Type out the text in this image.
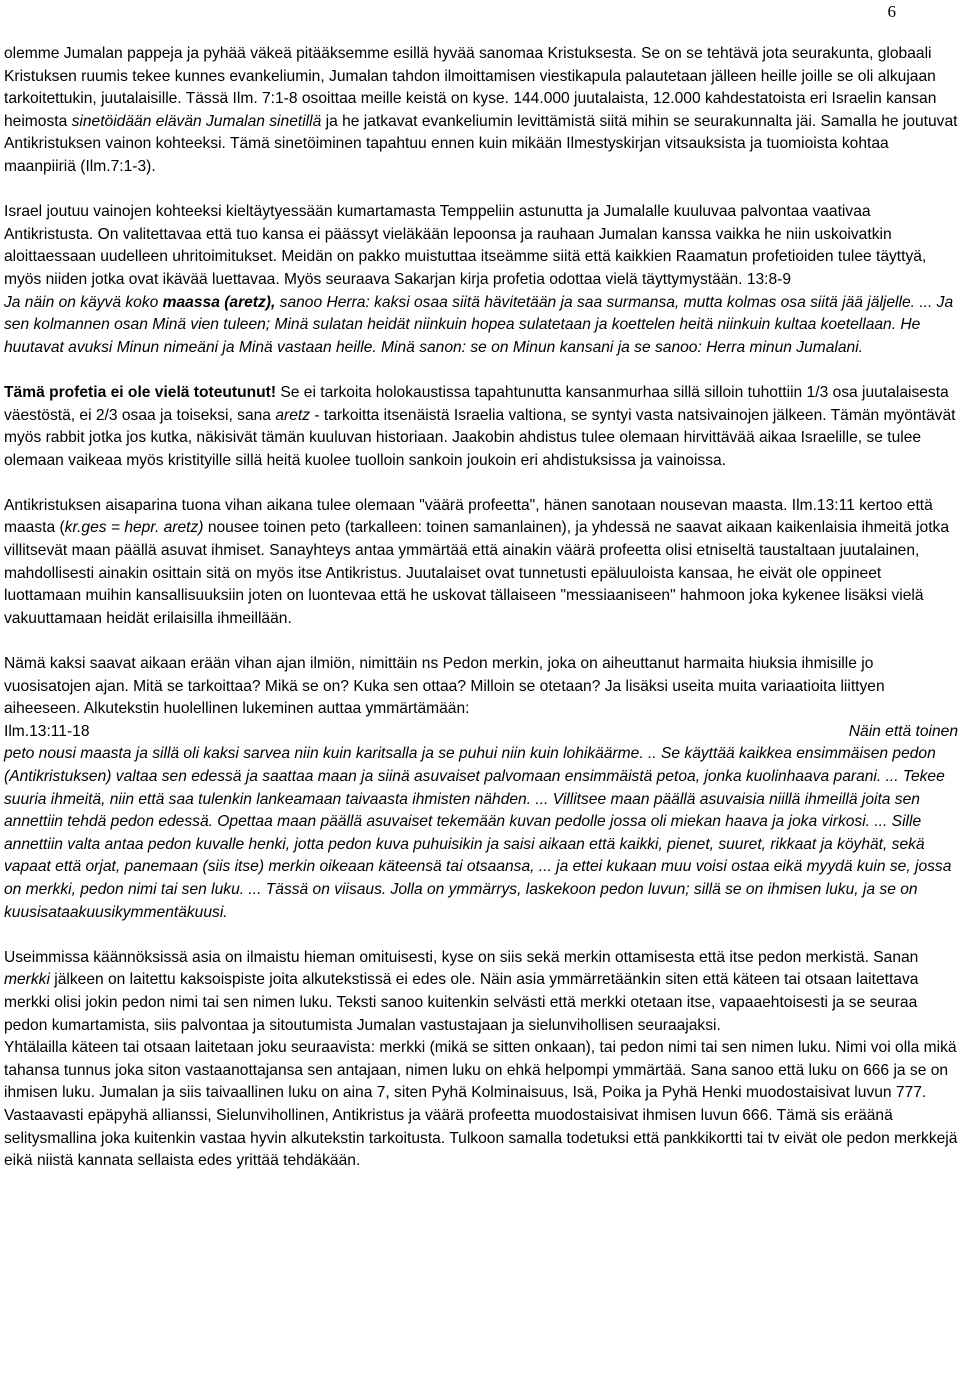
6

olemme Jumalan pappeja ja pyhää väkeä pitääksemme esillä hyvää sanomaa Kristuksesta. Se on se tehtävä jota seurakunta, globaali Kristuksen ruumis tekee kunnes evankeliumin, Jumalan tahdon ilmoittamisen viestikapula palautetaan jälleen heille joille se oli alkujaan tarkoitettukin, juutalaisille. Tässä Ilm. 7:1-8 osoittaa meille keistä on kyse. 144.000 juutalaista, 12.000 kahdestatoista eri Israelin kansan heimosta sinetöidään elävän Jumalan sinetillä ja he jatkavat evankeliumin levittämistä siitä mihin se seurakunnalta jäi. Samalla he joutuvat Antikristuksen vainon kohteeksi. Tämä sinetöiminen tapahtuu ennen kuin mikään Ilmestyskirjan vitsauksista ja tuomioista kohtaa maanpiiriä (Ilm.7:1-3).

Israel joutuu vainojen kohteeksi kieltäytyessään kumartamasta Temppeliin astunutta ja Jumalalle kuuluvaa palvontaa vaativaa Antikristusta. On valitettavaa että tuo kansa ei päässyt vieläkään lepoonsa ja rauhaan Jumalan kanssa vaikka he niin uskoivatkin aloittaessaan uudelleen uhritoimitukset. Meidän on pakko muistuttaa itseämme siitä että kaikkien Raamatun profetioiden tulee täyttyä, myös niiden jotka ovat ikävää luettavaa. Myös seuraava Sakarjan kirja profetia odottaa vielä täyttymystään. 13:8-9
Ja näin on käyvä koko maassa (aretz), sanoo Herra: kaksi osaa siitä hävitetään ja saa surmansa, mutta kolmas osa siitä jää jäljelle. ... Ja sen kolmannen osan Minä vien tuleen; Minä sulatan heidät niinkuin hopea sulatetaan ja koettelen heitä niinkuin kultaa koetellaan. He huutavat avuksi Minun nimeäni ja Minä vastaan heille. Minä sanon: se on Minun kansani ja se sanoo: Herra minun Jumalani.

Tämä profetia ei ole vielä toteutunut! Se ei tarkoita holokaustissa tapahtunutta kansanmurhaa sillä silloin tuhottiin 1/3 osa juutalaisesta väestöstä, ei 2/3 osaa ja toiseksi, sana aretz - tarkoitta itsenäistä Israelia valtiona, se syntyi vasta natsivainojen jälkeen. Tämän myöntävät myös rabbit jotka jos kutka, näkisivät tämän kuuluvan historiaan. Jaakobin ahdistus tulee olemaan hirvittävää aikaa Israelille, se tulee olemaan vaikeaa myös kristityille sillä heitä kuolee tuolloin sankoin joukoin eri ahdistuksissa ja vainoissa.

Antikristuksen aisaparina tuona vihan aikana tulee olemaan "väärä profeetta", hänen sanotaan nousevan maasta. Ilm.13:11 kertoo että maasta (kr.ges = hepr. aretz) nousee toinen peto (tarkalleen: toinen samanlainen), ja yhdessä ne saavat aikaan kaikenlaisia ihmeitä jotka villitsevät maan päällä asuvat ihmiset. Sanayhteys antaa ymmärtää että ainakin väärä profeetta olisi etniseltä taustaltaan juutalainen, mahdollisesti ainakin osittain sitä on myös itse Antikristus. Juutalaiset ovat tunnetusti epäluuloista kansaa, he eivät ole oppineet luottamaan muihin kansallisuuksiin joten on luontevaa että he uskovat tällaiseen "messiaaniseen" hahmoon joka kykenee lisäksi vielä vakuuttamaan heidät erilaisilla ihmeillään.

Nämä kaksi saavat aikaan erään vihan ajan ilmiön, nimittäin ns Pedon merkin, joka on aiheuttanut harmaita hiuksia ihmisille jo vuosisatojen ajan. Mitä se tarkoittaa? Mikä se on? Kuka sen ottaa? Milloin se otetaan? Ja lisäksi useita muita variaatioita liittyen aiheeseen. Alkutekstin huolellinen lukeminen auttaa ymmärtämään:
Ilm.13:11-18	Näin että toinen
peto nousi maasta ja sillä oli kaksi sarvea niin kuin karitsalla ja se puhui niin kuin lohikäärme. .. Se käyttää kaikkea ensimmäisen pedon (Antikristuksen) valtaa sen edessä ja saattaa maan ja siinä asuvaiset palvomaan ensimmäistä petoa, jonka kuolinhaava parani. ... Tekee suuria ihmeitä, niin että saa tulenkin lankeamaan taivaasta ihmisten nähden. ... Villitsee maan päällä asuvaisia niillä ihmeillä joita sen annettiin tehdä pedon edessä. Opettaa maan päällä asuvaiset tekemään kuvan pedolle jossa oli miekan haava ja joka virkosi. ... Sille annettiin valta antaa pedon kuvalle henki, jotta pedon kuva puhuisikin ja saisi aikaan että kaikki, pienet, suuret, rikkaat ja köyhät, sekä vapaat että orjat, panemaan (siis itse) merkin oikeaan käteensä tai otsaansa, ... ja ettei kukaan muu voisi ostaa eikä myydä kuin se, jossa on merkki, pedon nimi tai sen luku. ... Tässä on viisaus. Jolla on ymmärrys, laskekoon pedon luvun; sillä se on ihmisen luku, ja se on kuusisataakuusikymmentäkuusi.

Useimmissa käännöksissä asia on ilmaistu hieman omituisesti, kyse on siis sekä merkin ottamisesta että itse pedon merkistä. Sanan merkki jälkeen on laitettu kaksoispiste joita alkutekstissä ei edes ole. Näin asia ymmärretäänkin siten että käteen tai otsaan laitettava merkki olisi jokin pedon nimi tai sen nimen luku. Teksti sanoo kuitenkin selvästi että merkki otetaan itse, vapaaehtoisesti ja se seuraa pedon kumartamista, siis palvontaa ja sitoutumista Jumalan vastustajaan ja sielunvihollisen seuraajaksi.
Yhtälailla käteen tai otsaan laitetaan joku seuraavista: merkki (mikä se sitten onkaan), tai pedon nimi tai sen nimen luku. Nimi voi olla mikä tahansa tunnus joka siton vastaanottajansa sen antajaan, nimen luku on ehkä helpompi ymmärtää. Sana sanoo että luku on 666 ja se on ihmisen luku. Jumalan ja siis taivaallinen luku on aina 7, siten Pyhä Kolminaisuus, Isä, Poika ja Pyhä Henki muodostaisivat luvun 777. Vastaavasti epäpyhä allianssi, Sielunvihollinen, Antikristus ja väärä profeetta muodostaisivat ihmisen luvun 666. Tämä sis eräänä selitysmallina joka kuitenkin vastaa hyvin alkutekstin tarkoitusta. Tulkoon samalla todetuksi että pankkikortti tai tv eivät ole pedon merkkejä eikä niistä kannata sellaista edes yrittää tehdäkään.
